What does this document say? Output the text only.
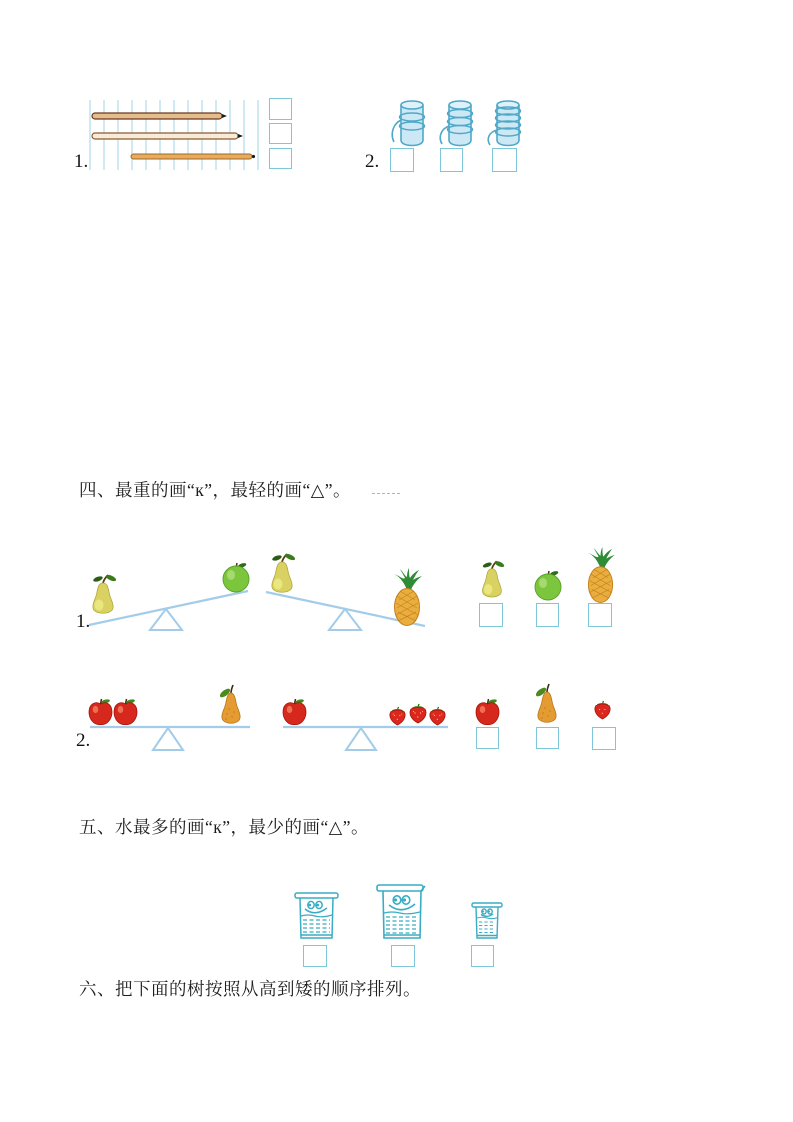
1.	2.
四、最重的画“к”，最轻的画“△”。
1.
2.
五、水最多的画“к”，最少的画“△”。
六、把下面的树按照从高到矮的顺序排列。
